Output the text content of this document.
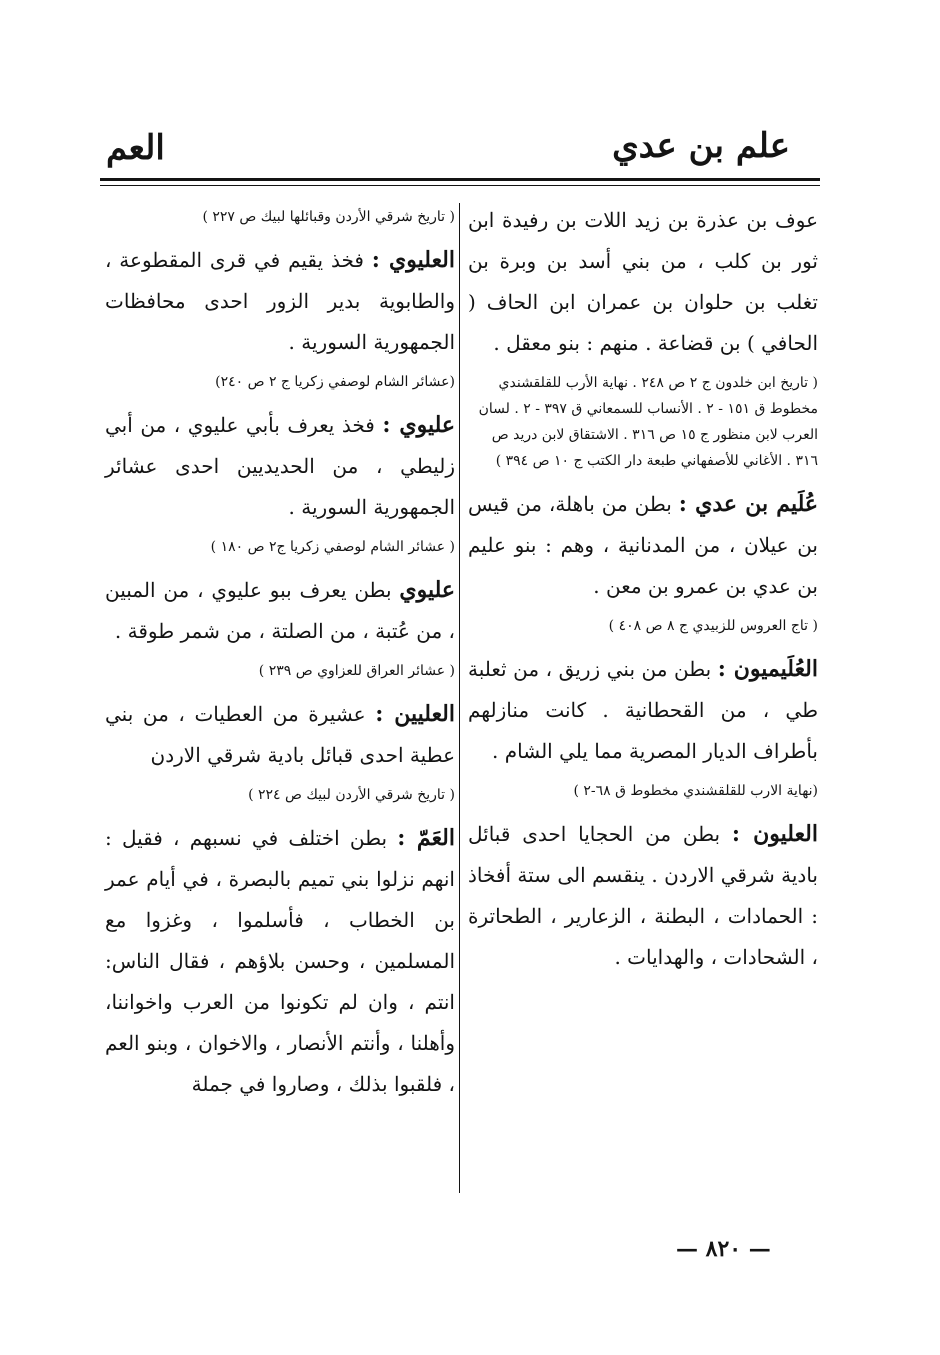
علم بن عدي
العم

عوف بن عذرة بن زيد اللات بن رفيدة ابن ثور بن كلب ، من بني أسد بن وبرة بن تغلب بن حلوان بن عمران ابن الحاف ( الحافي ) بن قضاعة . منهم : بنو معقل .

( تاريخ ابن خلدون ج ٢ ص ٢٤٨ . نهاية الأرب للقلقشندي مخطوط ق ١٥١ - ٢ . الأنساب للسمعاني ق ٣٩٧ - ٢ . لسان العرب لابن منظور ج ١٥ ص ٣١٦ . الاشتقاق لابن دريد ص ٣١٦ . الأغاني للأصفهاني طبعة دار الكتب ج ١٠ ص ٣٩٤ )

عُلَيم بن عدي : بطن من باهلة، من قيس بن عيلان ، من المدنانية ، وهم : بنو عليم بن عدي بن عمرو بن معن .

( تاج العروس للزبيدي ج ٨ ص ٤٠٨ )

العُلَيميون : بطن من بني زريق ، من ثعلبة طي ، من القحطانية . كانت منازلهم بأطراف الديار المصرية مما يلي الشام .

(نهاية الارب للقلقشندي مخطوط ق ٦٨-٢ )

العليون : بطن من الحجايا احدى قبائل بادية شرقي الاردن . ينقسم الى ستة أفخاذ : الحمادات ، البطنة ، الزعارير ، الطحاترة ، الشحادات ، والهدايات .

( تاريخ شرقي الأردن وقبائلها لبيك ص ٢٢٧ )

العليوي : فخذ يقيم في قرى المقطوعة ، والطابوية بدير الزور احدى محافظات الجمهورية السورية .

(عشائر الشام لوصفي زكريا ج ٢ ص ٢٤٠)

عليوي : فخذ يعرف بأبي عليوي ، من أبي زليطي ، من الحديديين احدى عشائر الجمهورية السورية .

( عشائر الشام لوصفي زكريا ج٢ ص ١٨٠ )

عليوي بطن يعرف ببو عليوي ، من المبين ، من عُتبة ، من الصلتة ، من شمر طوقة .

( عشائر العراق للعزاوي ص ٢٣٩ )

العليين : عشيرة من العطيات ، من بني عطية احدى قبائل بادية شرقي الاردن

( تاريخ شرقي الأردن لبيك ص ٢٢٤ )

العَمّ : بطن اختلف في نسبهم ، فقيل : انهم نزلوا بني تميم بالبصرة ، في أيام عمر بن الخطاب ، فأسلموا ، وغزوا مع المسلمين ، وحسن بلاؤهم ، فقال الناس: انتم ، وان لم تكونوا من العرب واخواننا، وأهلنا ، وأنتم الأنصار ، والاخوان ، وبنو العم ، فلقبوا بذلك ، وصاروا في جملة

— ٨٢٠ —
